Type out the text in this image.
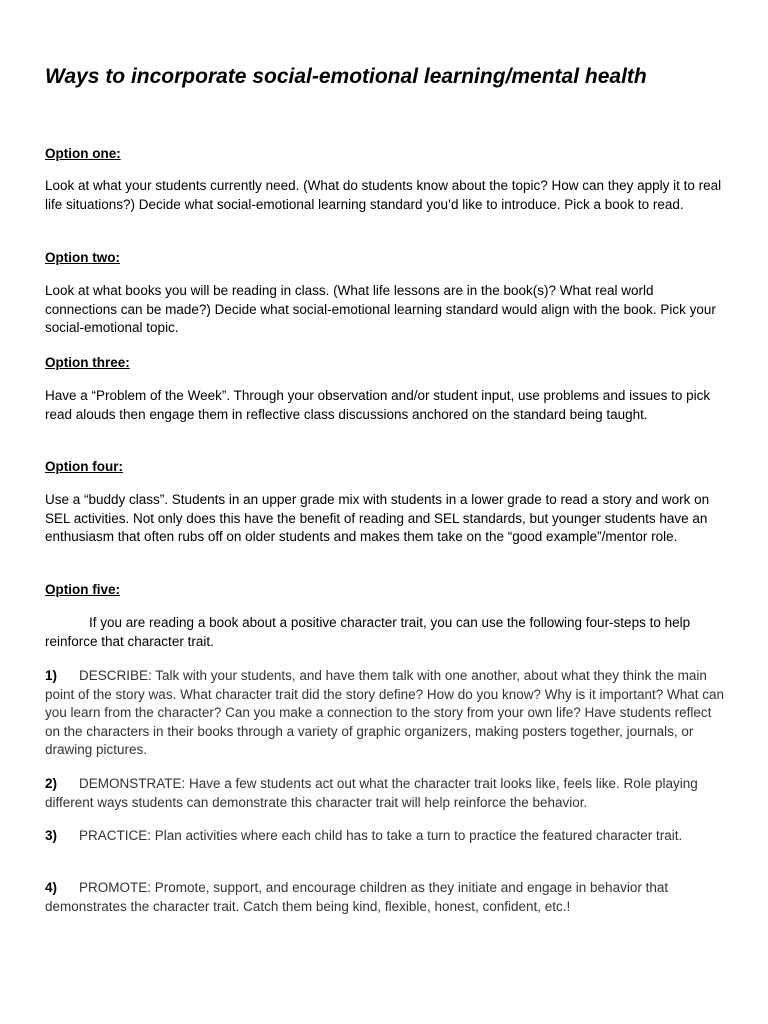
Ways to incorporate social-emotional learning/mental health
Option one:
Look at what your students currently need. (What do students know about the topic? How can they apply it to real life situations?) Decide what social-emotional learning standard you’d like to introduce. Pick a book to read.
Option two:
Look at what books you will be reading in class. (What life lessons are in the book(s)? What real world connections can be made?) Decide what social-emotional learning standard would align with the book. Pick your social-emotional topic.
Option three:
Have a “Problem of the Week”. Through your observation and/or student input, use problems and issues to pick read alouds then engage them in reflective class discussions anchored on the standard being taught.
Option four:
Use a “buddy class”. Students in an upper grade mix with students in a lower grade to read a story and work on SEL activities. Not only does this have the benefit of reading and SEL standards, but younger students have an enthusiasm that often rubs off on older students and makes them take on the “good example”/mentor role.
Option five:
If you are reading a book about a positive character trait, you can use the following four-steps to help reinforce that character trait.
1) DESCRIBE: Talk with your students, and have them talk with one another, about what they think the main point of the story was. What character trait did the story define? How do you know? Why is it important? What can you learn from the character? Can you make a connection to the story from your own life? Have students reflect on the characters in their books through a variety of graphic organizers, making posters together, journals, or drawing pictures.
2) DEMONSTRATE: Have a few students act out what the character trait looks like, feels like. Role playing different ways students can demonstrate this character trait will help reinforce the behavior.
3) PRACTICE: Plan activities where each child has to take a turn to practice the featured character trait.
4) PROMOTE: Promote, support, and encourage children as they initiate and engage in behavior that demonstrates the character trait. Catch them being kind, flexible, honest, confident, etc.!
